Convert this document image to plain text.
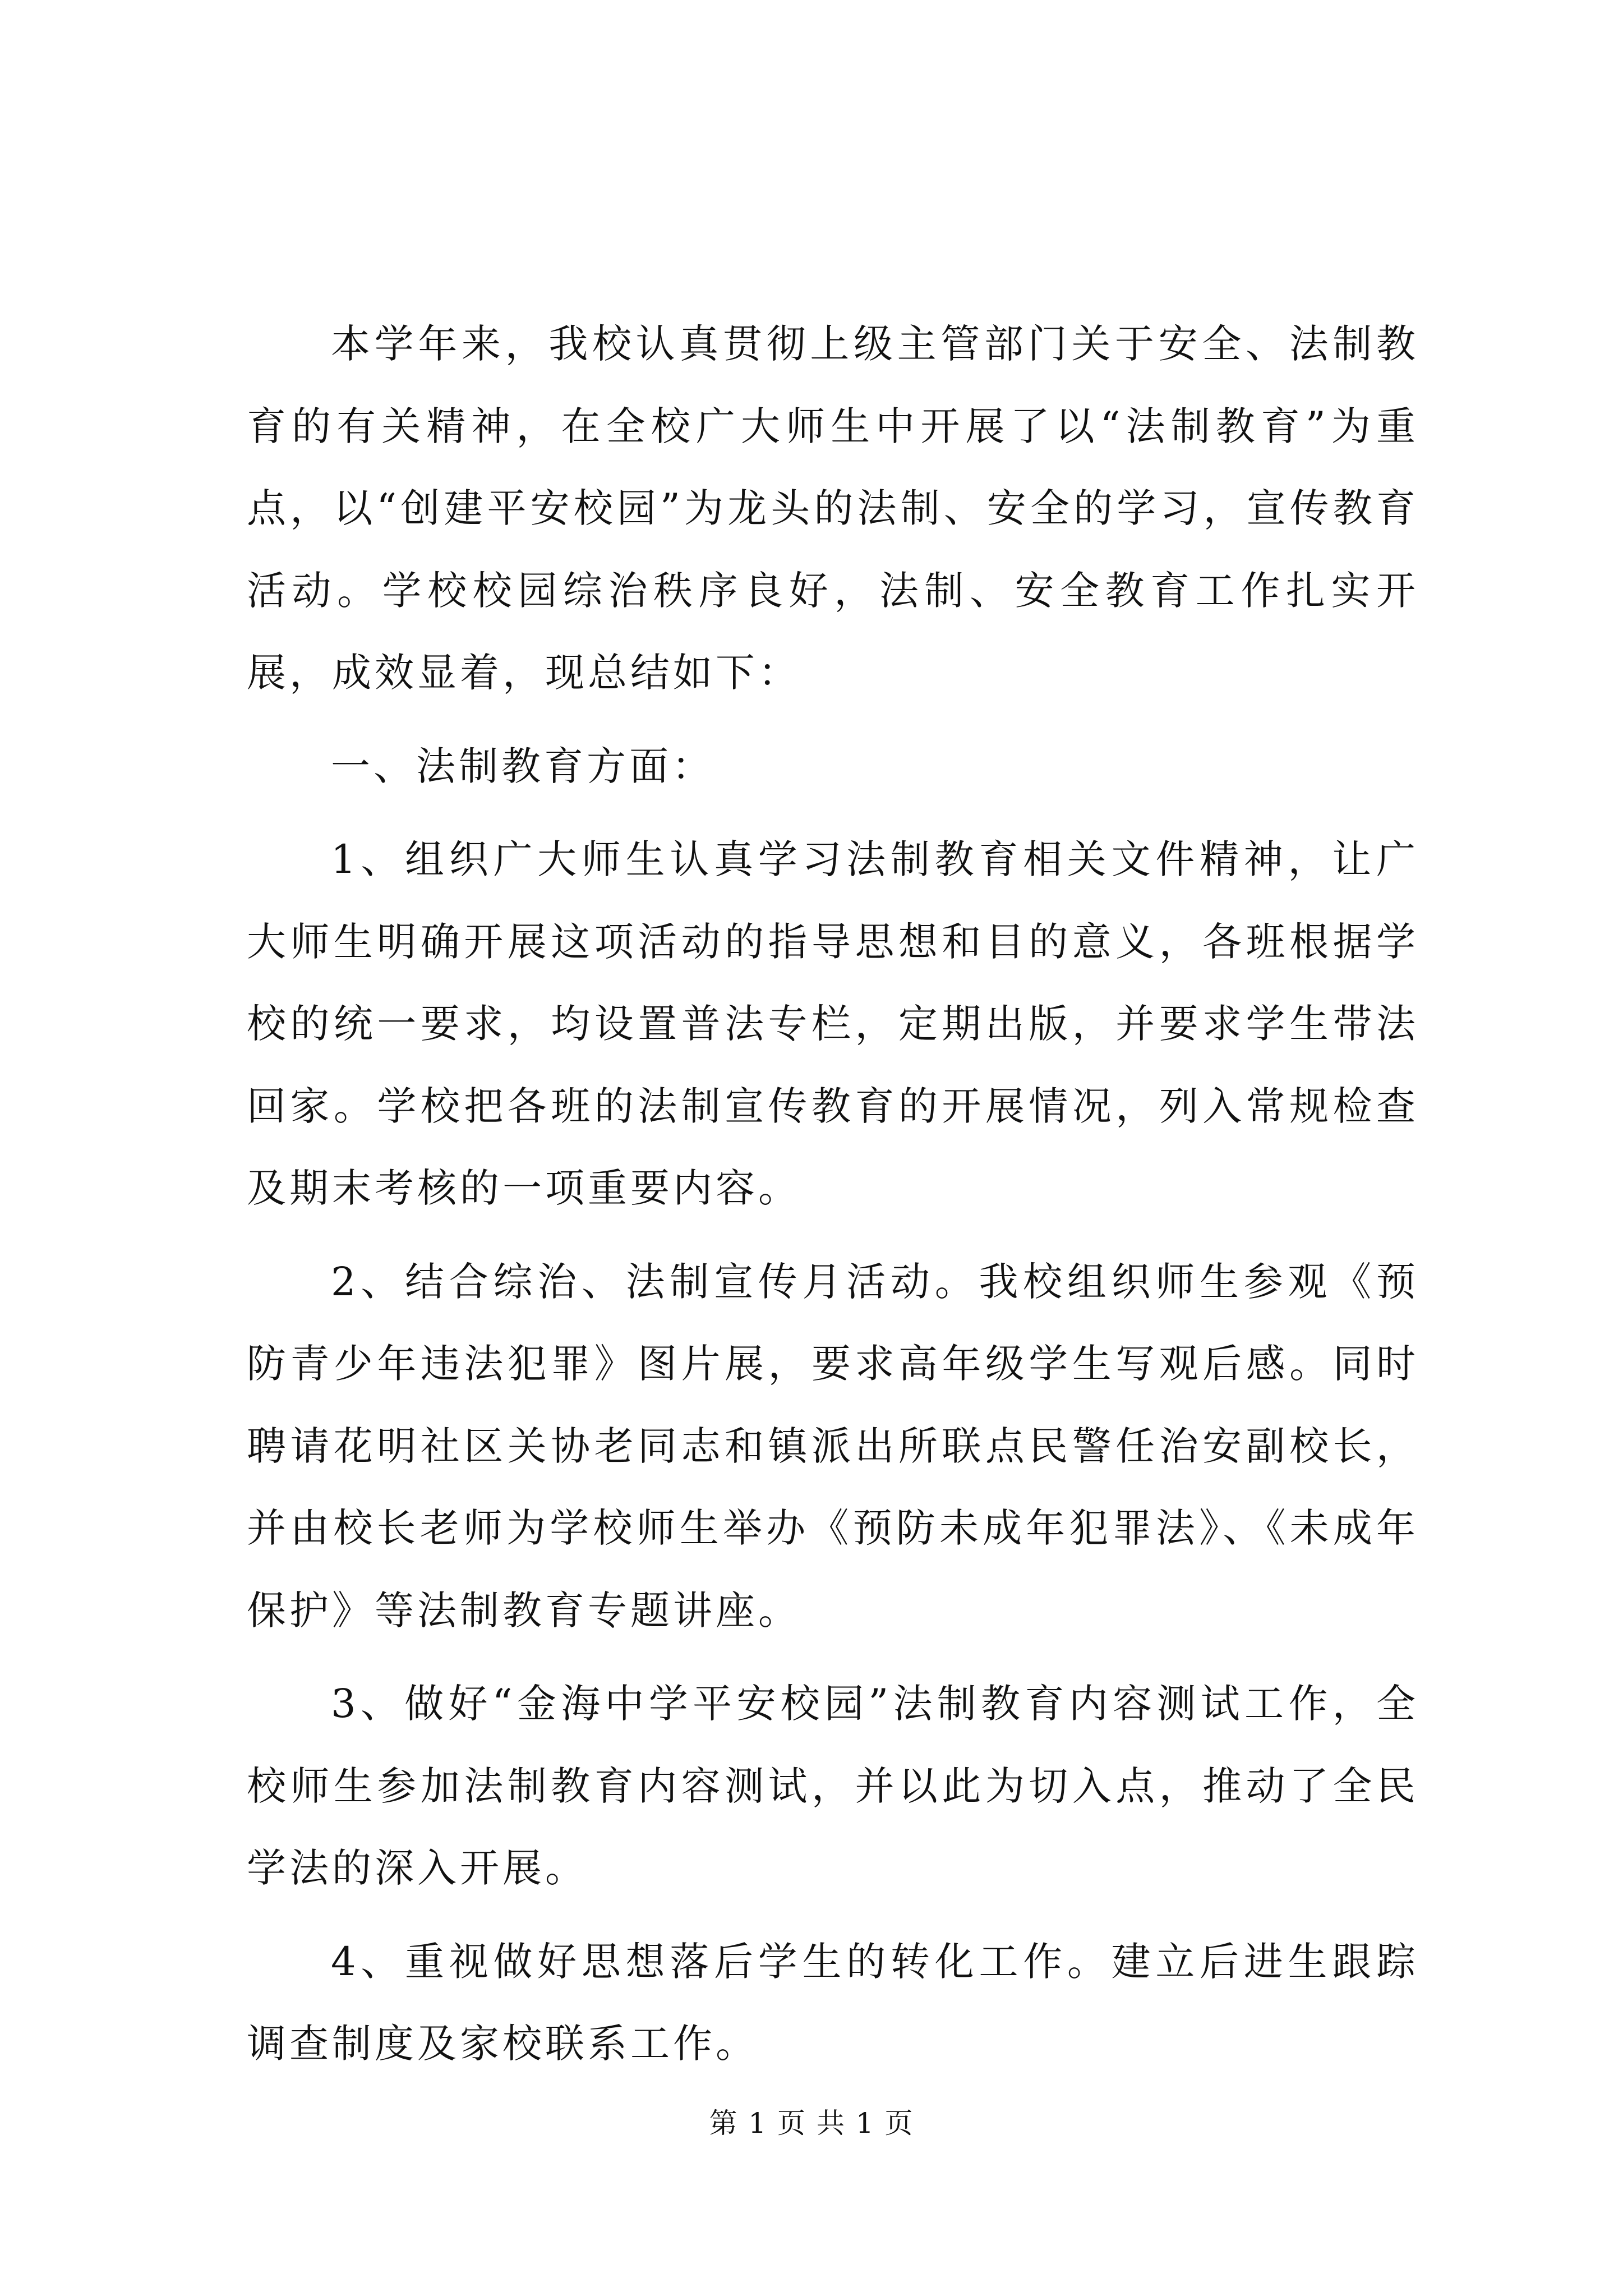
本学年来，我校认真贯彻上级主管部门关于安全、法制教育的有关精神，在全校广大师生中开展了以“法制教育”为重点，以“创建平安校园”为龙头的法制、安全的学习，宣传教育活动。学校校园综治秩序良好，法制、安全教育工作扎实开展，成效显着，现总结如下：

一、法制教育方面：

1、组织广大师生认真学习法制教育相关文件精神，让广大师生明确开展这项活动的指导思想和目的意义，各班根据学校的统一要求，均设置普法专栏，定期出版，并要求学生带法回家。学校把各班的法制宣传教育的开展情况，列入常规检查及期末考核的一项重要内容。

2、结合综治、法制宣传月活动。我校组织师生参观《预防青少年违法犯罪》图片展，要求高年级学生写观后感。同时聘请花明社区关协老同志和镇派出所联点民警任治安副校长，并由校长老师为学校师生举办《预防未成年犯罪法》、《未成年保护》等法制教育专题讲座。

3、做好“金海中学平安校园”法制教育内容测试工作，全校师生参加法制教育内容测试，并以此为切入点，推动了全民学法的深入开展。

4、重视做好思想落后学生的转化工作。建立后进生跟踪调查制度及家校联系工作。

第 1 页 共 1 页
